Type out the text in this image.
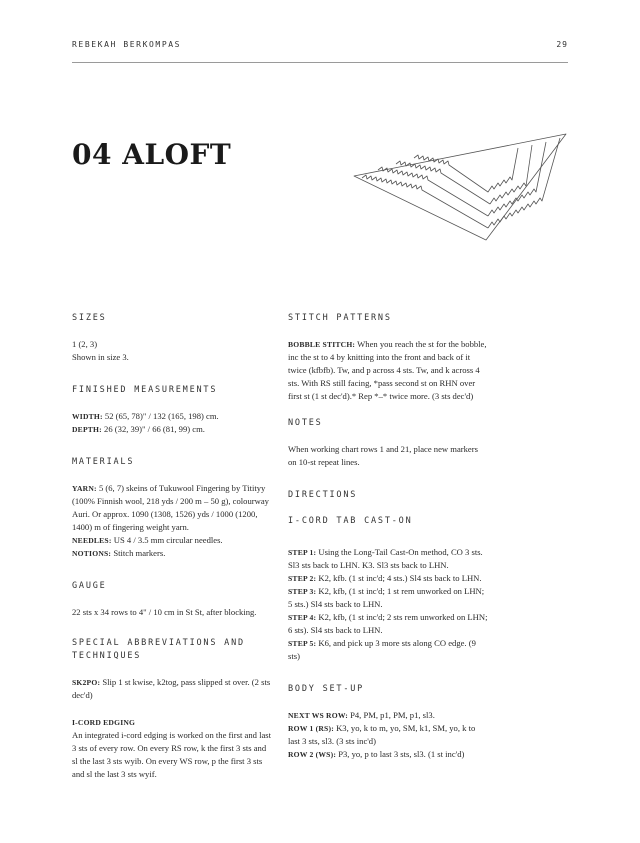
REBEKAH BERKOMPAS	29
04 ALOFT
SIZES

1 (2, 3)
Shown in size 3.

FINISHED MEASUREMENTS

WIDTH: 52 (65, 78)" / 132 (165, 198) cm.
DEPTH: 26 (32, 39)" / 66 (81, 99) cm.

MATERIALS

YARN: 5 (6, 7) skeins of Tukuwool Fingering by Titityy (100% Finnish wool, 218 yds / 200 m – 50 g), colourway Auri. Or approx. 1090 (1308, 1526) yds / 1000 (1200, 1400) m of fingering weight yarn.
NEEDLES: US 4 / 3.5 mm circular needles.
NOTIONS: Stitch markers.

GAUGE

22 sts x 34 rows to 4" / 10 cm in St St, after blocking.

SPECIAL ABBREVIATIONS AND TECHNIQUES

SK2PO: Slip 1 st kwise, k2tog, pass slipped st over. (2 sts dec'd)

I-CORD EDGING
An integrated i-cord edging is worked on the first and last 3 sts of every row. On every RS row, k the first 3 sts and sl the last 3 sts wyib. On every WS row, p the first 3 sts and sl the last 3 sts wyif.

STITCH PATTERNS

BOBBLE STITCH: When you reach the st for the bobble, inc the st to 4 by knitting into the front and back of it twice (kfbfb). Tw, and p across 4 sts. Tw, and k across 4 sts. With RS still facing, *pass second st on RHN over first st (1 st dec'd).* Rep *–* twice more. (3 sts dec'd)

NOTES

When working chart rows 1 and 21, place new markers on 10-st repeat lines.

DIRECTIONS
I-CORD TAB CAST-ON

STEP 1: Using the Long-Tail Cast-On method, CO 3 sts. Sl3 sts back to LHN. K3. Sl3 sts back to LHN.
STEP 2: K2, kfb. (1 st inc'd; 4 sts.) Sl4 sts back to LHN.
STEP 3: K2, kfb, (1 st inc'd; 1 st rem unworked on LHN; 5 sts.) Sl4 sts back to LHN.
STEP 4: K2, kfb, (1 st inc'd; 2 sts rem unworked on LHN; 6 sts). Sl4 sts back to LHN.
STEP 5: K6, and pick up 3 more sts along CO edge. (9 sts)

BODY SET-UP

NEXT WS ROW: P4, PM, p1, PM, p1, sl3.
ROW 1 (RS): K3, yo, k to m, yo, SM, k1, SM, yo, k to last 3 sts, sl3. (3 sts inc'd)
ROW 2 (WS): P3, yo, p to last 3 sts, sl3. (1 st inc'd)
